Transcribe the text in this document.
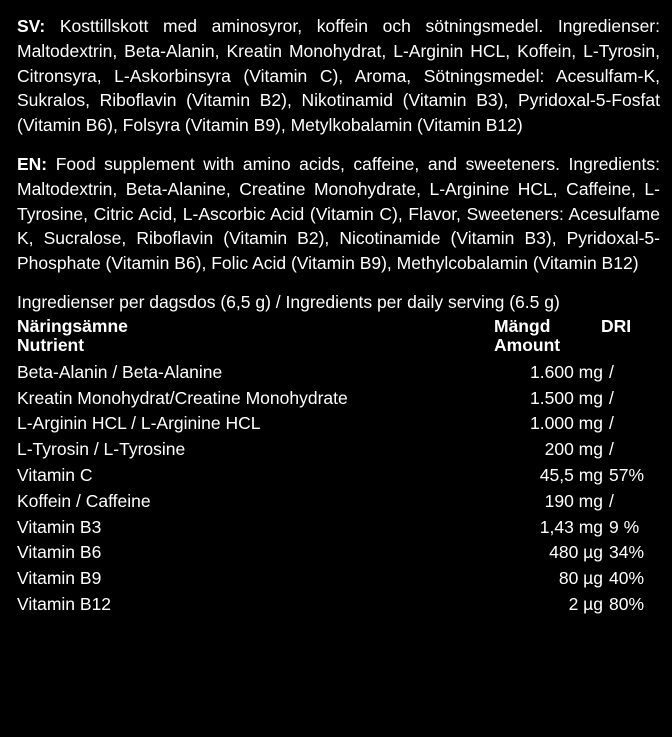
SV: Kosttillskott med aminosyror, koffein och sötningsmedel. Ingredienser: Maltodextrin, Beta-Alanin, Kreatin Monohydrat, L-Arginin HCL, Koffein, L-Tyrosin, Citronsyra, L-Askorbinsyra (Vitamin C), Aroma, Sötningsmedel: Acesulfam-K, Sukralos, Riboflavin (Vitamin B2), Nikotinamid (Vitamin B3), Pyridoxal-5-Fosfat (Vitamin B6), Folsyra (Vitamin B9), Metylkobalamin (Vitamin B12)

EN: Food supplement with amino acids, caffeine, and sweeteners. Ingredients: Maltodextrin, Beta-Alanine, Creatine Monohydrate, L-Arginine HCL, Caffeine, L-Tyrosine, Citric Acid, L-Ascorbic Acid (Vitamin C), Flavor, Sweeteners: Acesulfame K, Sucralose, Riboflavin (Vitamin B2), Nicotinamide (Vitamin B3), Pyridoxal-5-Phosphate (Vitamin B6), Folic Acid (Vitamin B9), Methylcobalamin (Vitamin B12)

Ingredienser per dagsdos (6,5 g) / Ingredients per daily serving (6.5 g)

Näringsämne
Nutrient
Mängd
Amount
DRI
Beta-Alanin / Beta-Alanine	1.600 mg /
Kreatin Monohydrat/Creatine Monohydrate	1.500 mg /
L-Arginin HCL / L-Arginine HCL	1.000 mg /
L-Tyrosin / L-Tyrosine	200 mg /
Vitamin C	45,5 mg 57%
Koffein / Caffeine	190 mg /
Vitamin B3	1,43 mg 9 %
Vitamin B6	480 µg 34%
Vitamin B9	80 µg 40%
Vitamin B12	2 µg 80%
